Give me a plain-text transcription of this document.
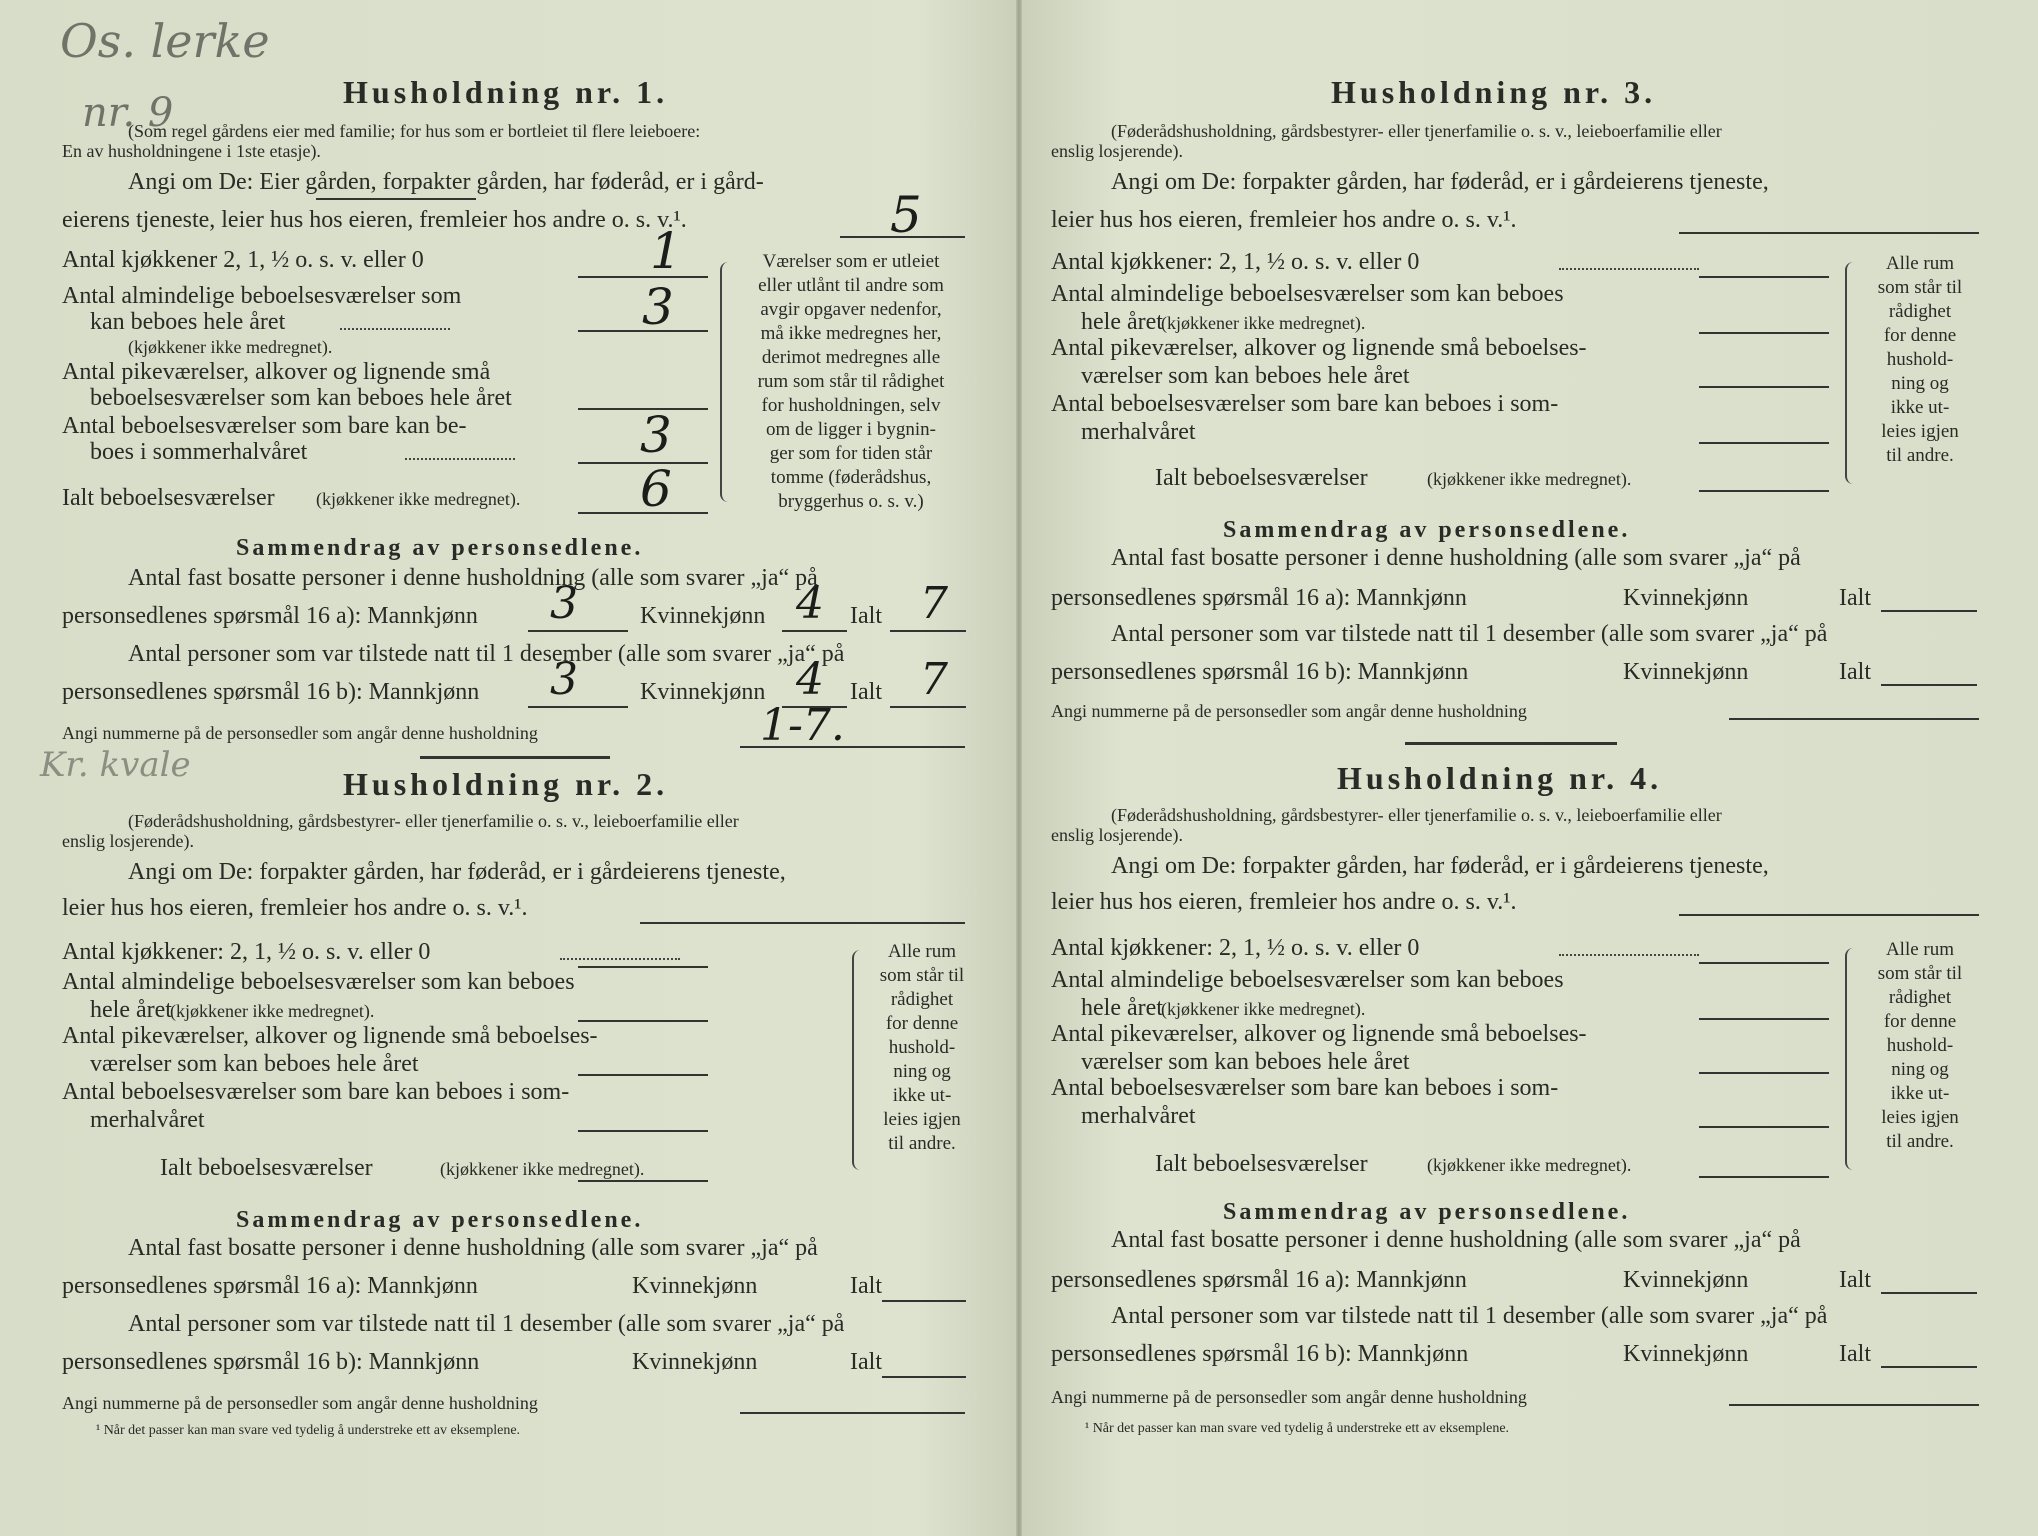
Os. lerke
nr. 9
Kr. kvale
Husholdning nr. 1.
(Som regel gårdens eier med familie; for hus som er bortleiet til flere leieboere:
En av husholdningene i 1ste etasje).
Angi om De: Eier gården, forpakter gården, har føderåd, er i gård-
eierens tjeneste, leier hus hos eieren, fremleier hos andre o. s. v.¹.	5
Antal kjøkkener 2, 1, ½ o. s. v. eller 0	1
Antal almindelige beboelsesværelser som
kan beboes hele året
(kjøkkener ikke medregnet).
3
Antal pikeværelser, alkover og lignende små
beboelsesværelser som kan beboes hele året
Antal beboelsesværelser som bare kan be-
boes i sommerhalvåret	3
Ialt beboelsesværelser (kjøkkener ikke medregnet). 6
Værelser som er utleiet
eller utlånt til andre som
avgir opgaver nedenfor,
må ikke medregnes her,
derimot medregnes alle
rum som står til rådighet
for husholdningen, selv
om de ligger i bygnin-
ger som for tiden står
tomme (føderådshus,
bryggerhus o. s. v.)
Sammendrag av personsedlene.
Antal fast bosatte personer i denne husholdning (alle som svarer „ja“ på
personsedlenes spørsmål 16 a): Mannkjønn 3	Kvinnekjønn 4 Ialt 7
Antal personer som var tilstede natt til 1 desember (alle som svarer „ja“ på
personsedlenes spørsmål 16 b): Mannkjønn 3	Kvinnekjønn 4 Ialt 7
Angi nummerne på de personsedler som angår denne husholdning	1-7.
Husholdning nr. 2.
(Føderådshusholdning, gårdsbestyrer- eller tjenerfamilie o. s. v., leieboerfamilie eller
enslig losjerende).
Angi om De: forpakter gården, har føderåd, er i gårdeierens tjeneste,
leier hus hos eieren, fremleier hos andre o. s. v.¹.
Antal kjøkkener: 2, 1, ½ o. s. v. eller 0
Antal almindelige beboelsesværelser som kan beboes
hele året
(kjøkkener ikke medregnet).
Antal pikeværelser, alkover og lignende små beboelses-
værelser som kan beboes hele året
Antal beboelsesværelser som bare kan beboes i som-
merhalvåret
Ialt beboelsesværelser	(kjøkkener ikke medregnet).
Alle rum
som står til
rådighet
for denne
hushold-
ning og
ikke ut-
leies igjen
til andre.
Sammendrag av personsedlene.
Antal fast bosatte personer i denne husholdning (alle som svarer „ja“ på
personsedlenes spørsmål 16 a): Mannkjønn	Kvinnekjønn	Ialt
Antal personer som var tilstede natt til 1 desember (alle som svarer „ja“ på
personsedlenes spørsmål 16 b): Mannkjønn	Kvinnekjønn	Ialt
Angi nummerne på de personsedler som angår denne husholdning
¹ Når det passer kan man svare ved tydelig å understreke ett av eksemplene.
Husholdning nr. 3.
(Føderådshusholdning, gårdsbestyrer- eller tjenerfamilie o. s. v., leieboerfamilie eller
enslig losjerende).
Angi om De: forpakter gården, har føderåd, er i gårdeierens tjeneste,
leier hus hos eieren, fremleier hos andre o. s. v.¹.
Antal kjøkkener: 2, 1, ½ o. s. v. eller 0
Antal almindelige beboelsesværelser som kan beboes
hele året
(kjøkkener ikke medregnet).
Antal pikeværelser, alkover og lignende små beboelses-
værelser som kan beboes hele året
Antal beboelsesværelser som bare kan beboes i som-
merhalvåret
Ialt beboelsesværelser	(kjøkkener ikke medregnet).
Alle rum
som står til
rådighet
for denne
hushold-
ning og
ikke ut-
leies igjen
til andre.
Sammendrag av personsedlene.
Antal fast bosatte personer i denne husholdning (alle som svarer „ja“ på
personsedlenes spørsmål 16 a): Mannkjønn	Kvinnekjønn	Ialt
Antal personer som var tilstede natt til 1 desember (alle som svarer „ja“ på
personsedlenes spørsmål 16 b): Mannkjønn	Kvinnekjønn	Ialt
Angi nummerne på de personsedler som angår denne husholdning
Husholdning nr. 4.
(Føderådshusholdning, gårdsbestyrer- eller tjenerfamilie o. s. v., leieboerfamilie eller
enslig losjerende).
Angi om De: forpakter gården, har føderåd, er i gårdeierens tjeneste,
leier hus hos eieren, fremleier hos andre o. s. v.¹.
Antal kjøkkener: 2, 1, ½ o. s. v. eller 0
Antal almindelige beboelsesværelser som kan beboes
hele året
(kjøkkener ikke medregnet).
Antal pikeværelser, alkover og lignende små beboelses-
værelser som kan beboes hele året
Antal beboelsesværelser som bare kan beboes i som-
merhalvåret
Ialt beboelsesværelser	(kjøkkener ikke medregnet).
Alle rum
som står til
rådighet
for denne
hushold-
ning og
ikke ut-
leies igjen
til andre.
Sammendrag av personsedlene.
Antal fast bosatte personer i denne husholdning (alle som svarer „ja“ på
personsedlenes spørsmål 16 a): Mannkjønn	Kvinnekjønn	Ialt
Antal personer som var tilstede natt til 1 desember (alle som svarer „ja“ på
personsedlenes spørsmål 16 b): Mannkjønn	Kvinnekjønn	Ialt
Angi nummerne på de personsedler som angår denne husholdning
¹ Når det passer kan man svare ved tydelig å understreke ett av eksemplene.
